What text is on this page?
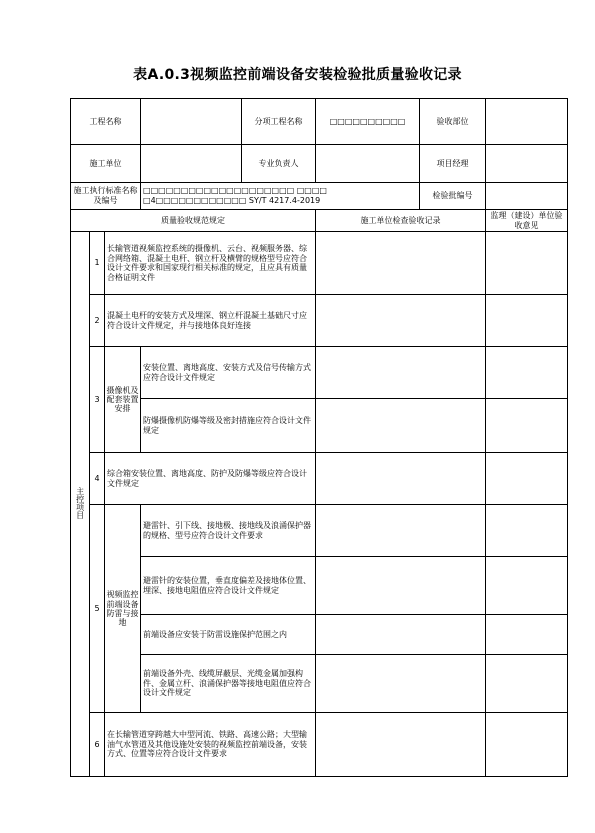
表A.0.3视频监控前端设备安装检验批质量验收记录
工程名称				分项工程名称	□□□□□□□□□□	验收部位	
施工单位				专业负责人		项目经理	
施工执行标准名称及编号			□□□□□□□□□□□□□□□□□□□□ □□□□ □4□□□□□□□□□□□□ SY/T 4217.4-2019			检验批编号	
质量验收规范规定					施工单位检查验收记录		监理（建设）单位验收意见
主控项目	1	长输管道视频监控系统的摄像机、云台、视频服务器、综合网络箱、混凝土电杆、钢立杆及横臂的规格型号应符合设计文件要求和国家现行相关标准的规定，且应具有质量合格证明文件					
	2	混凝土电杆的安装方式及埋深、钢立杆混凝土基础尺寸应符合设计文件规定，并与接地体良好连接					
	3	摄像机及配套装置安排	安装位置、离地高度、安装方式及信号传输方式应符合设计文件规定				
			防爆摄像机防爆等级及密封措施应符合设计文件规定				
	4	综合箱安装位置、离地高度、防护及防爆等级应符合设计文件规定					
	5	视频监控前端设备防雷与接地	避雷针、引下线、接地极、接地线及浪涌保护器的规格、型号应符合设计文件要求				
			避雷针的安装位置，垂直度偏差及接地体位置、埋深、接地电阻值应符合设计文件规定				
			前端设备应安装于防雷设施保护范围之内				
			前端设备外壳、线缆屏蔽层、光缆金属加强构件、金属立杆、浪涌保护器等接地电阻值应符合设计文件规定				
	6	在长输管道穿跨越大中型河流、铁路、高速公路；大型输油气水管道及其他设施处安装的视频监控前端设备，安装方式、位置等应符合设计文件要求					
